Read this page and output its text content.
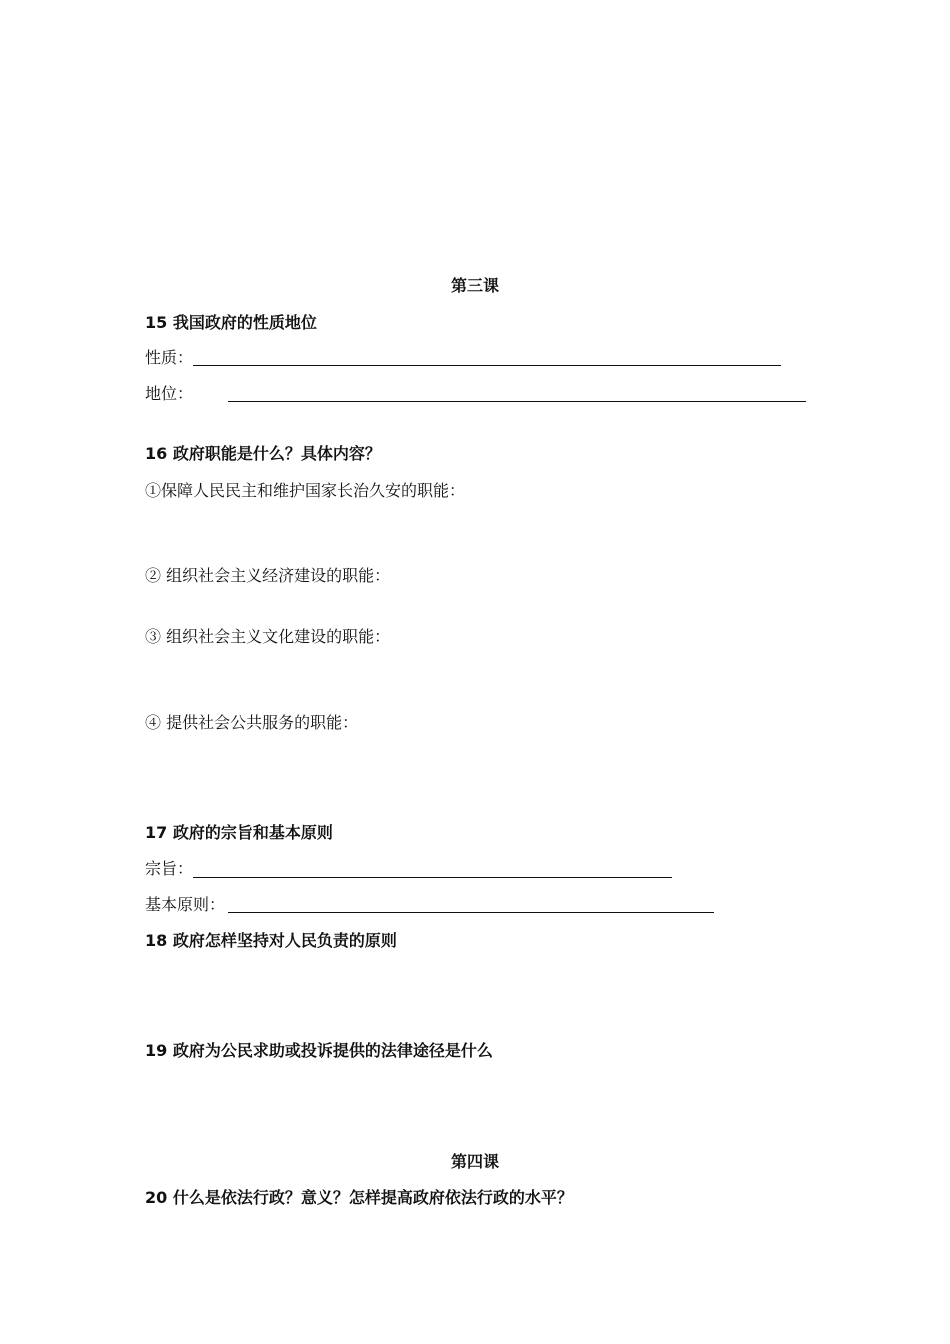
第三课
15 我国政府的性质地位
性质：
地位：
16 政府职能是什么？具体内容？
①保障人民民主和维护国家长治久安的职能：
② 组织社会主义经济建设的职能：
③ 组织社会主义文化建设的职能：
④ 提供社会公共服务的职能：
17 政府的宗旨和基本原则
宗旨：
基本原则：
18 政府怎样坚持对人民负责的原则
19 政府为公民求助或投诉提供的法律途径是什么
第四课
20 什么是依法行政？意义？怎样提高政府依法行政的水平？
